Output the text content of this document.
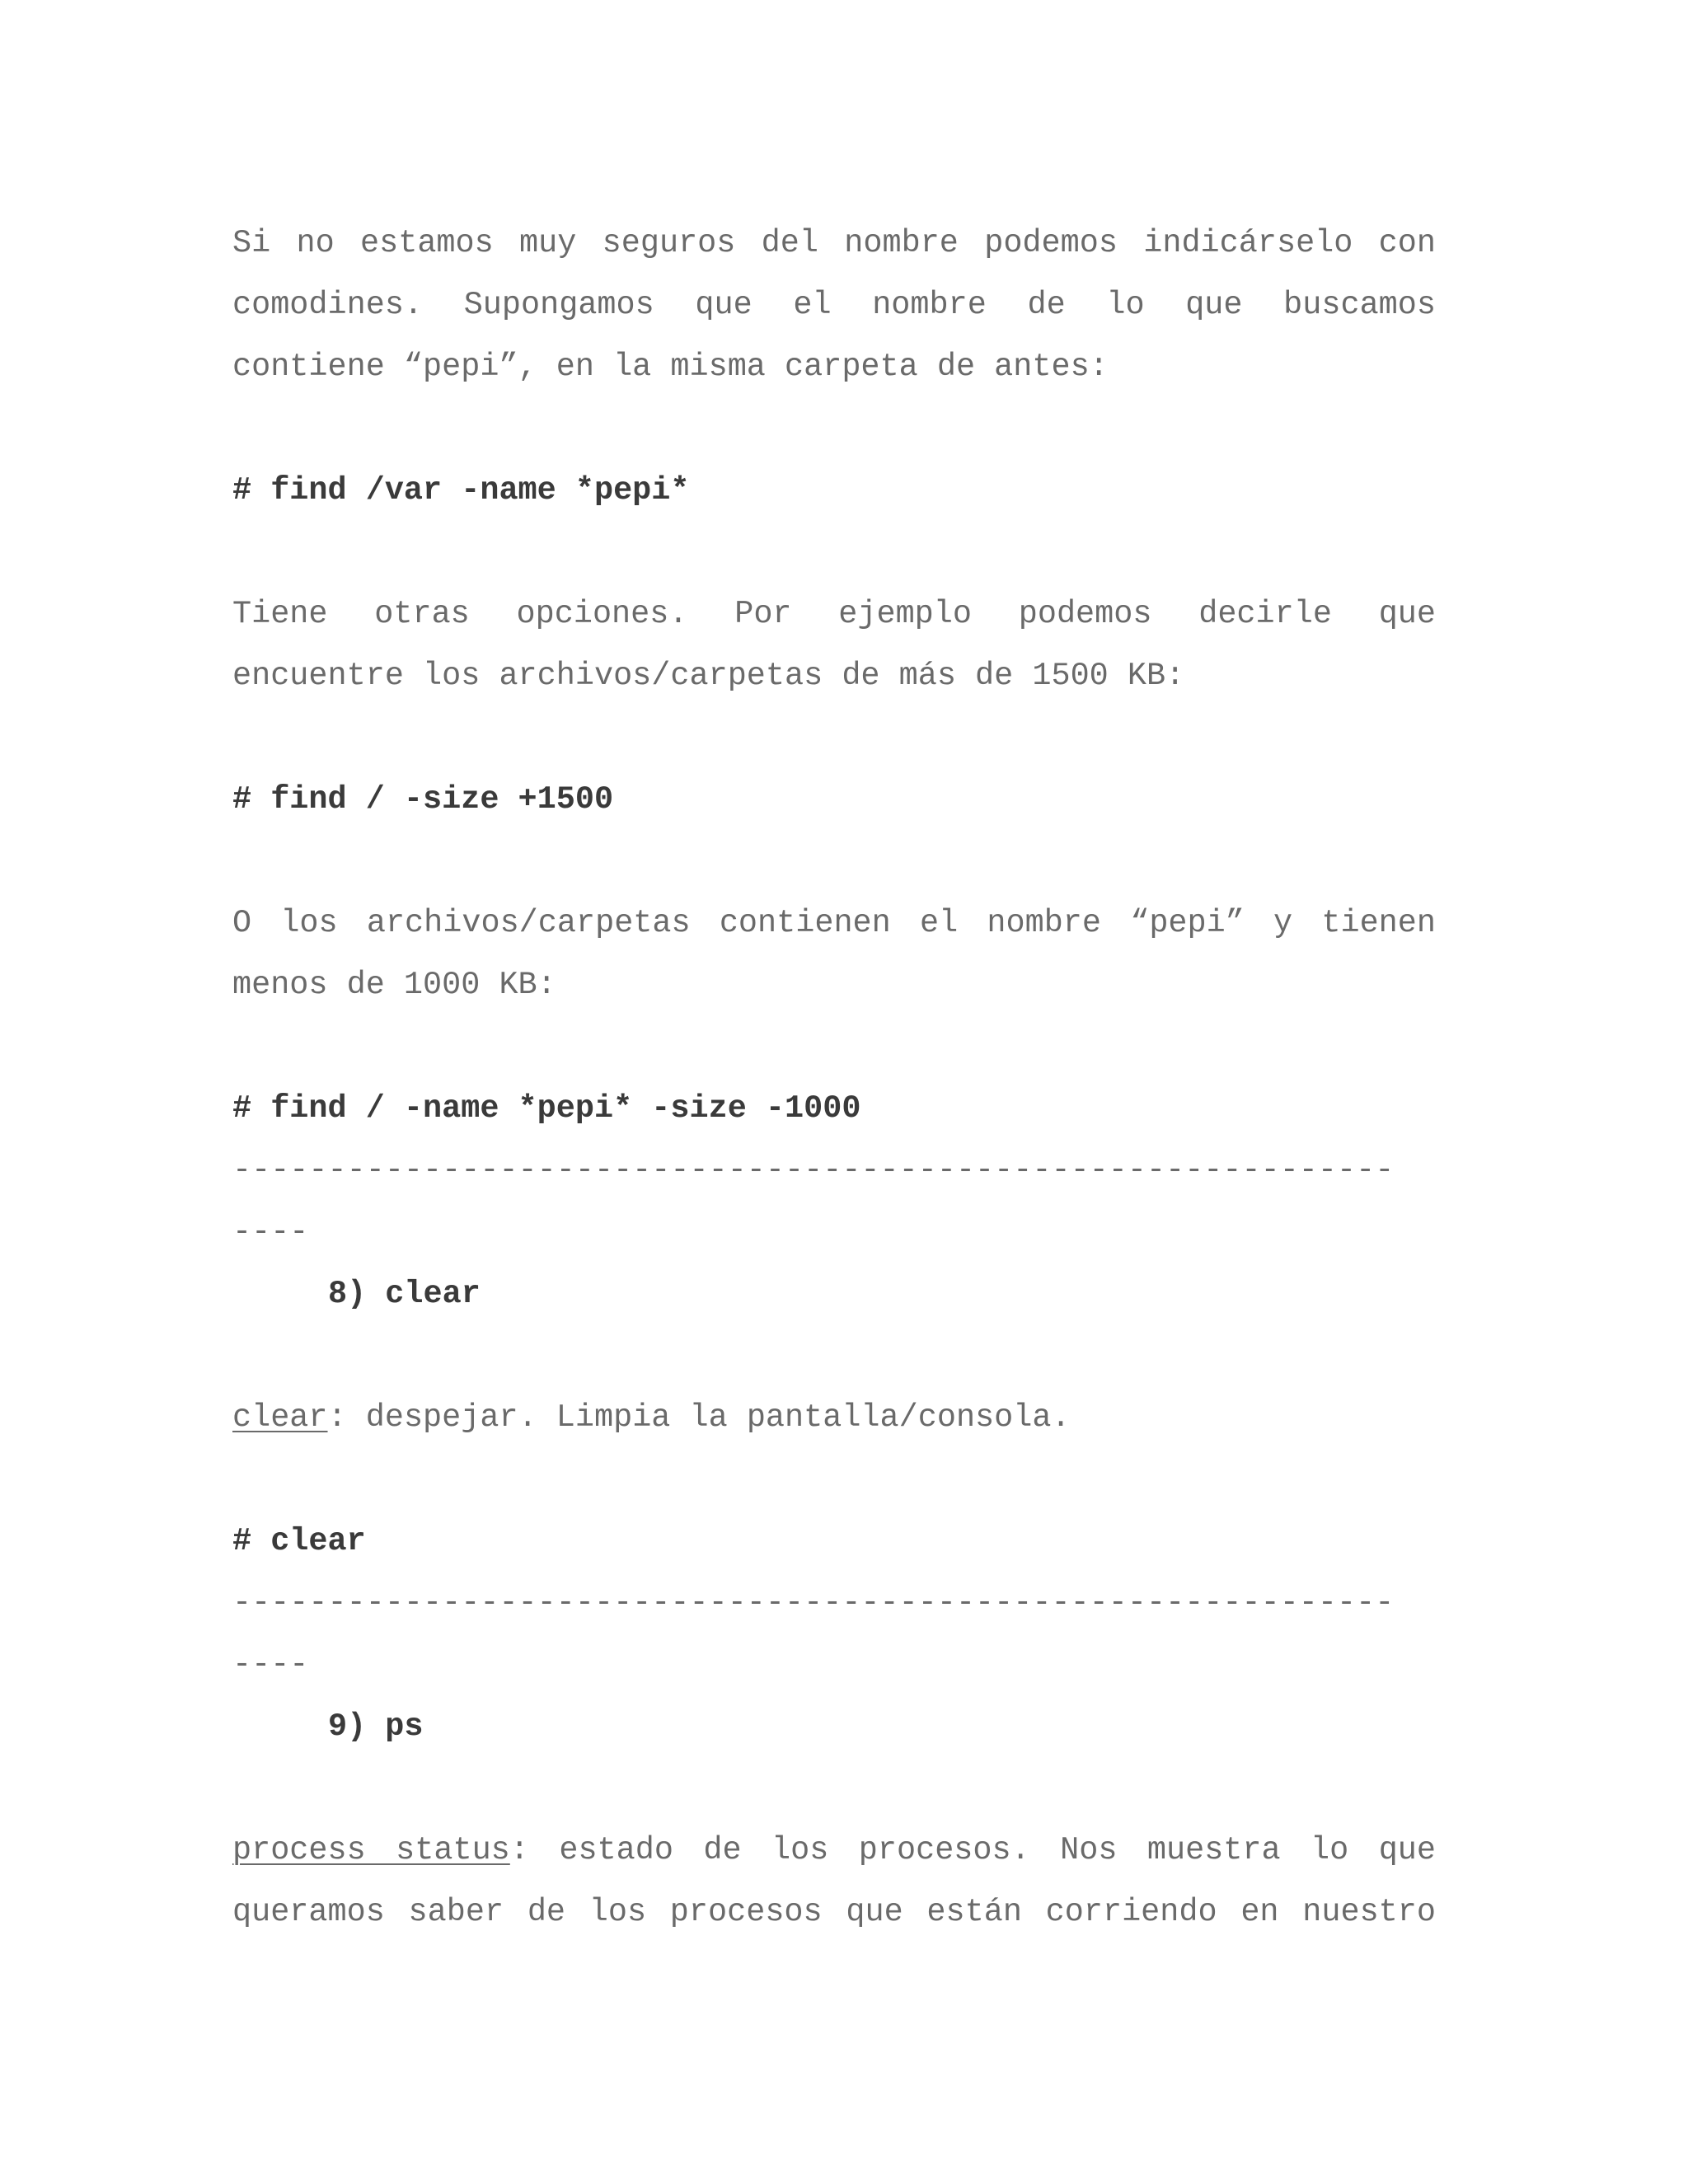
Si no estamos muy seguros del nombre podemos indicárselo con

comodines. Supongamos que el nombre de lo que buscamos

contiene “pepi”, en la misma carpeta de antes:

# find /var -name *pepi*

Tiene otras opciones. Por ejemplo podemos decirle que

encuentre los archivos/carpetas de más de 1500 KB:

# find / -size +1500

O los archivos/carpetas contienen el nombre “pepi” y tienen

menos de 1000 KB:

# find / -name *pepi* -size -1000

-------------------------------------------------------------

----

8) clear

clear: despejar. Limpia la pantalla/consola.

# clear

-------------------------------------------------------------

----

9) ps

process status: estado de los procesos. Nos muestra lo que

queramos saber de los procesos que están corriendo en nuestro
